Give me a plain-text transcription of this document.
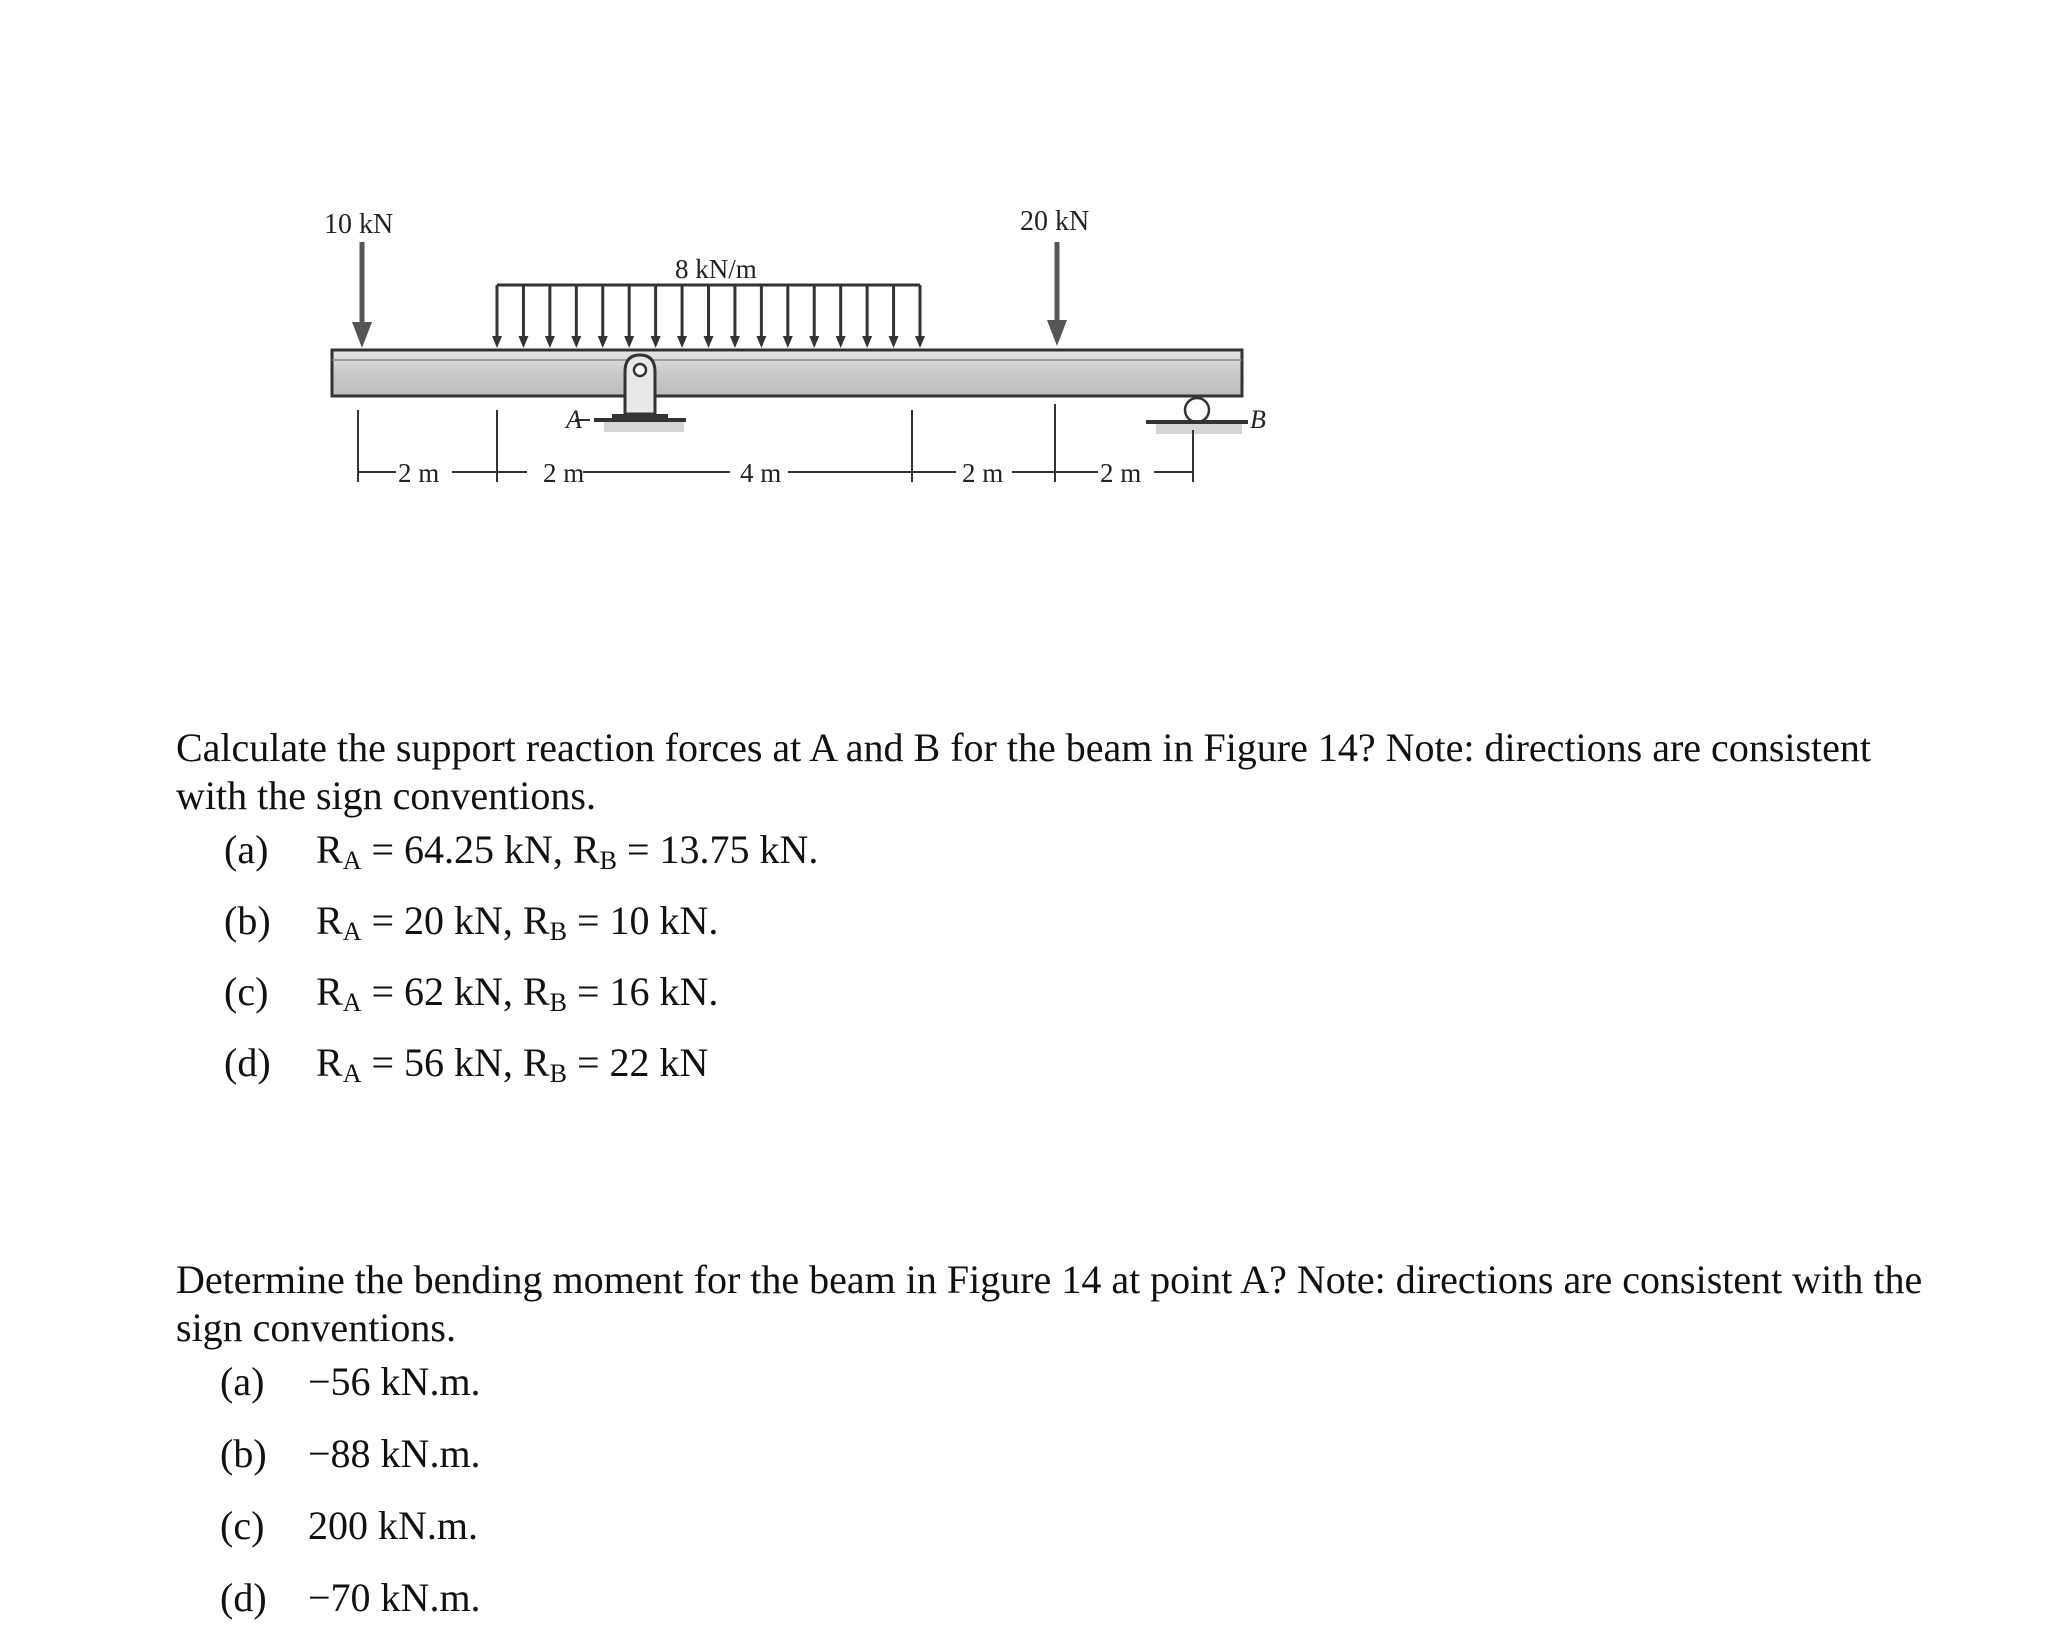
10 kN	20 kN
8 kN/m
A	B
2 m	2 m	4 m	2 m	2 m
Calculate the support reaction forces at A and B for the beam in Figure 14? Note: directions are consistent with the sign conventions.
(a) $R_A = 64.25$ kN, $R_B = 13.75$ kN.
(b) $R_A = 20$ kN, $R_B = 10$ kN.
(c) $R_A = 62$ kN, $R_B = 16$ kN.
(d) $R_A = 56$ kN, $R_B = 22$ kN
Determine the bending moment for the beam in Figure 14 at point A? Note: directions are consistent with the sign conventions.
(a) −56 kN.m.
(b) −88 kN.m.
(c) 200 kN.m.
(d) −70 kN.m.
